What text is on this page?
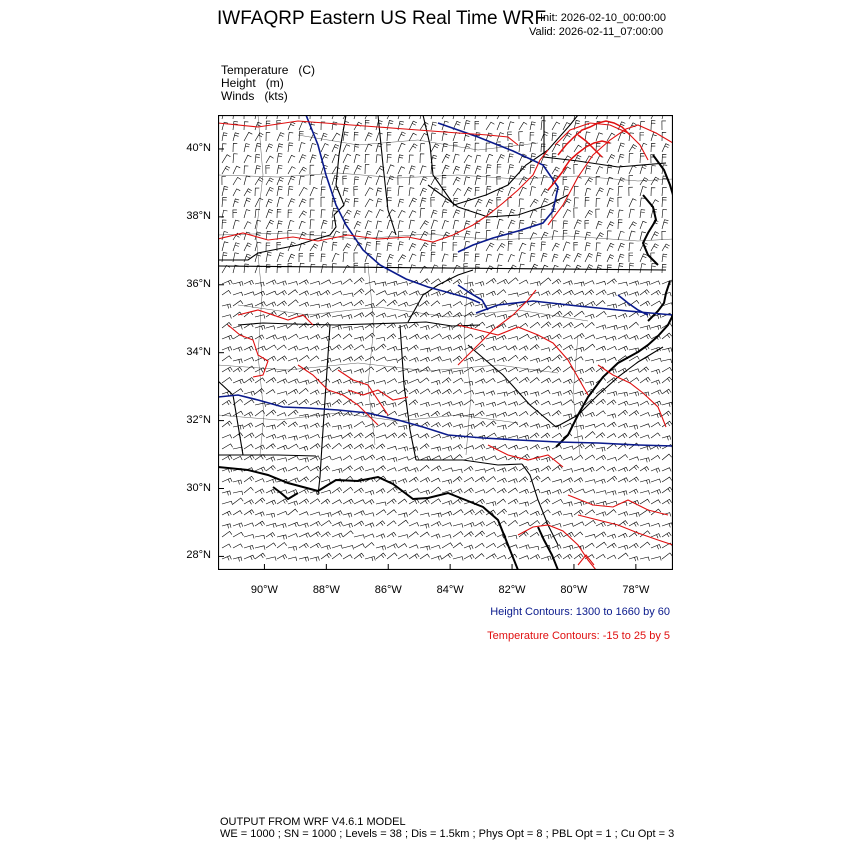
IWFAQRP Eastern US Real Time WRF
Init: 2026-02-10_00:00:00
Valid: 2026-02-11_07:00:00
Temperature (C)
Height (m)
Winds (kts)
28°N
30°N
32°N
34°N
36°N
38°N
40°N
90°W	88°W	86°W	84°W	82°W	80°W	78°W
Height Contours: 1300 to 1660 by 60
Temperature Contours: -15 to 25 by 5
OUTPUT FROM WRF V4.6.1 MODEL
WE = 1000 ; SN = 1000 ; Levels = 38 ; Dis = 1.5km ; Phys Opt = 8 ; PBL Opt = 1 ; Cu Opt = 3
